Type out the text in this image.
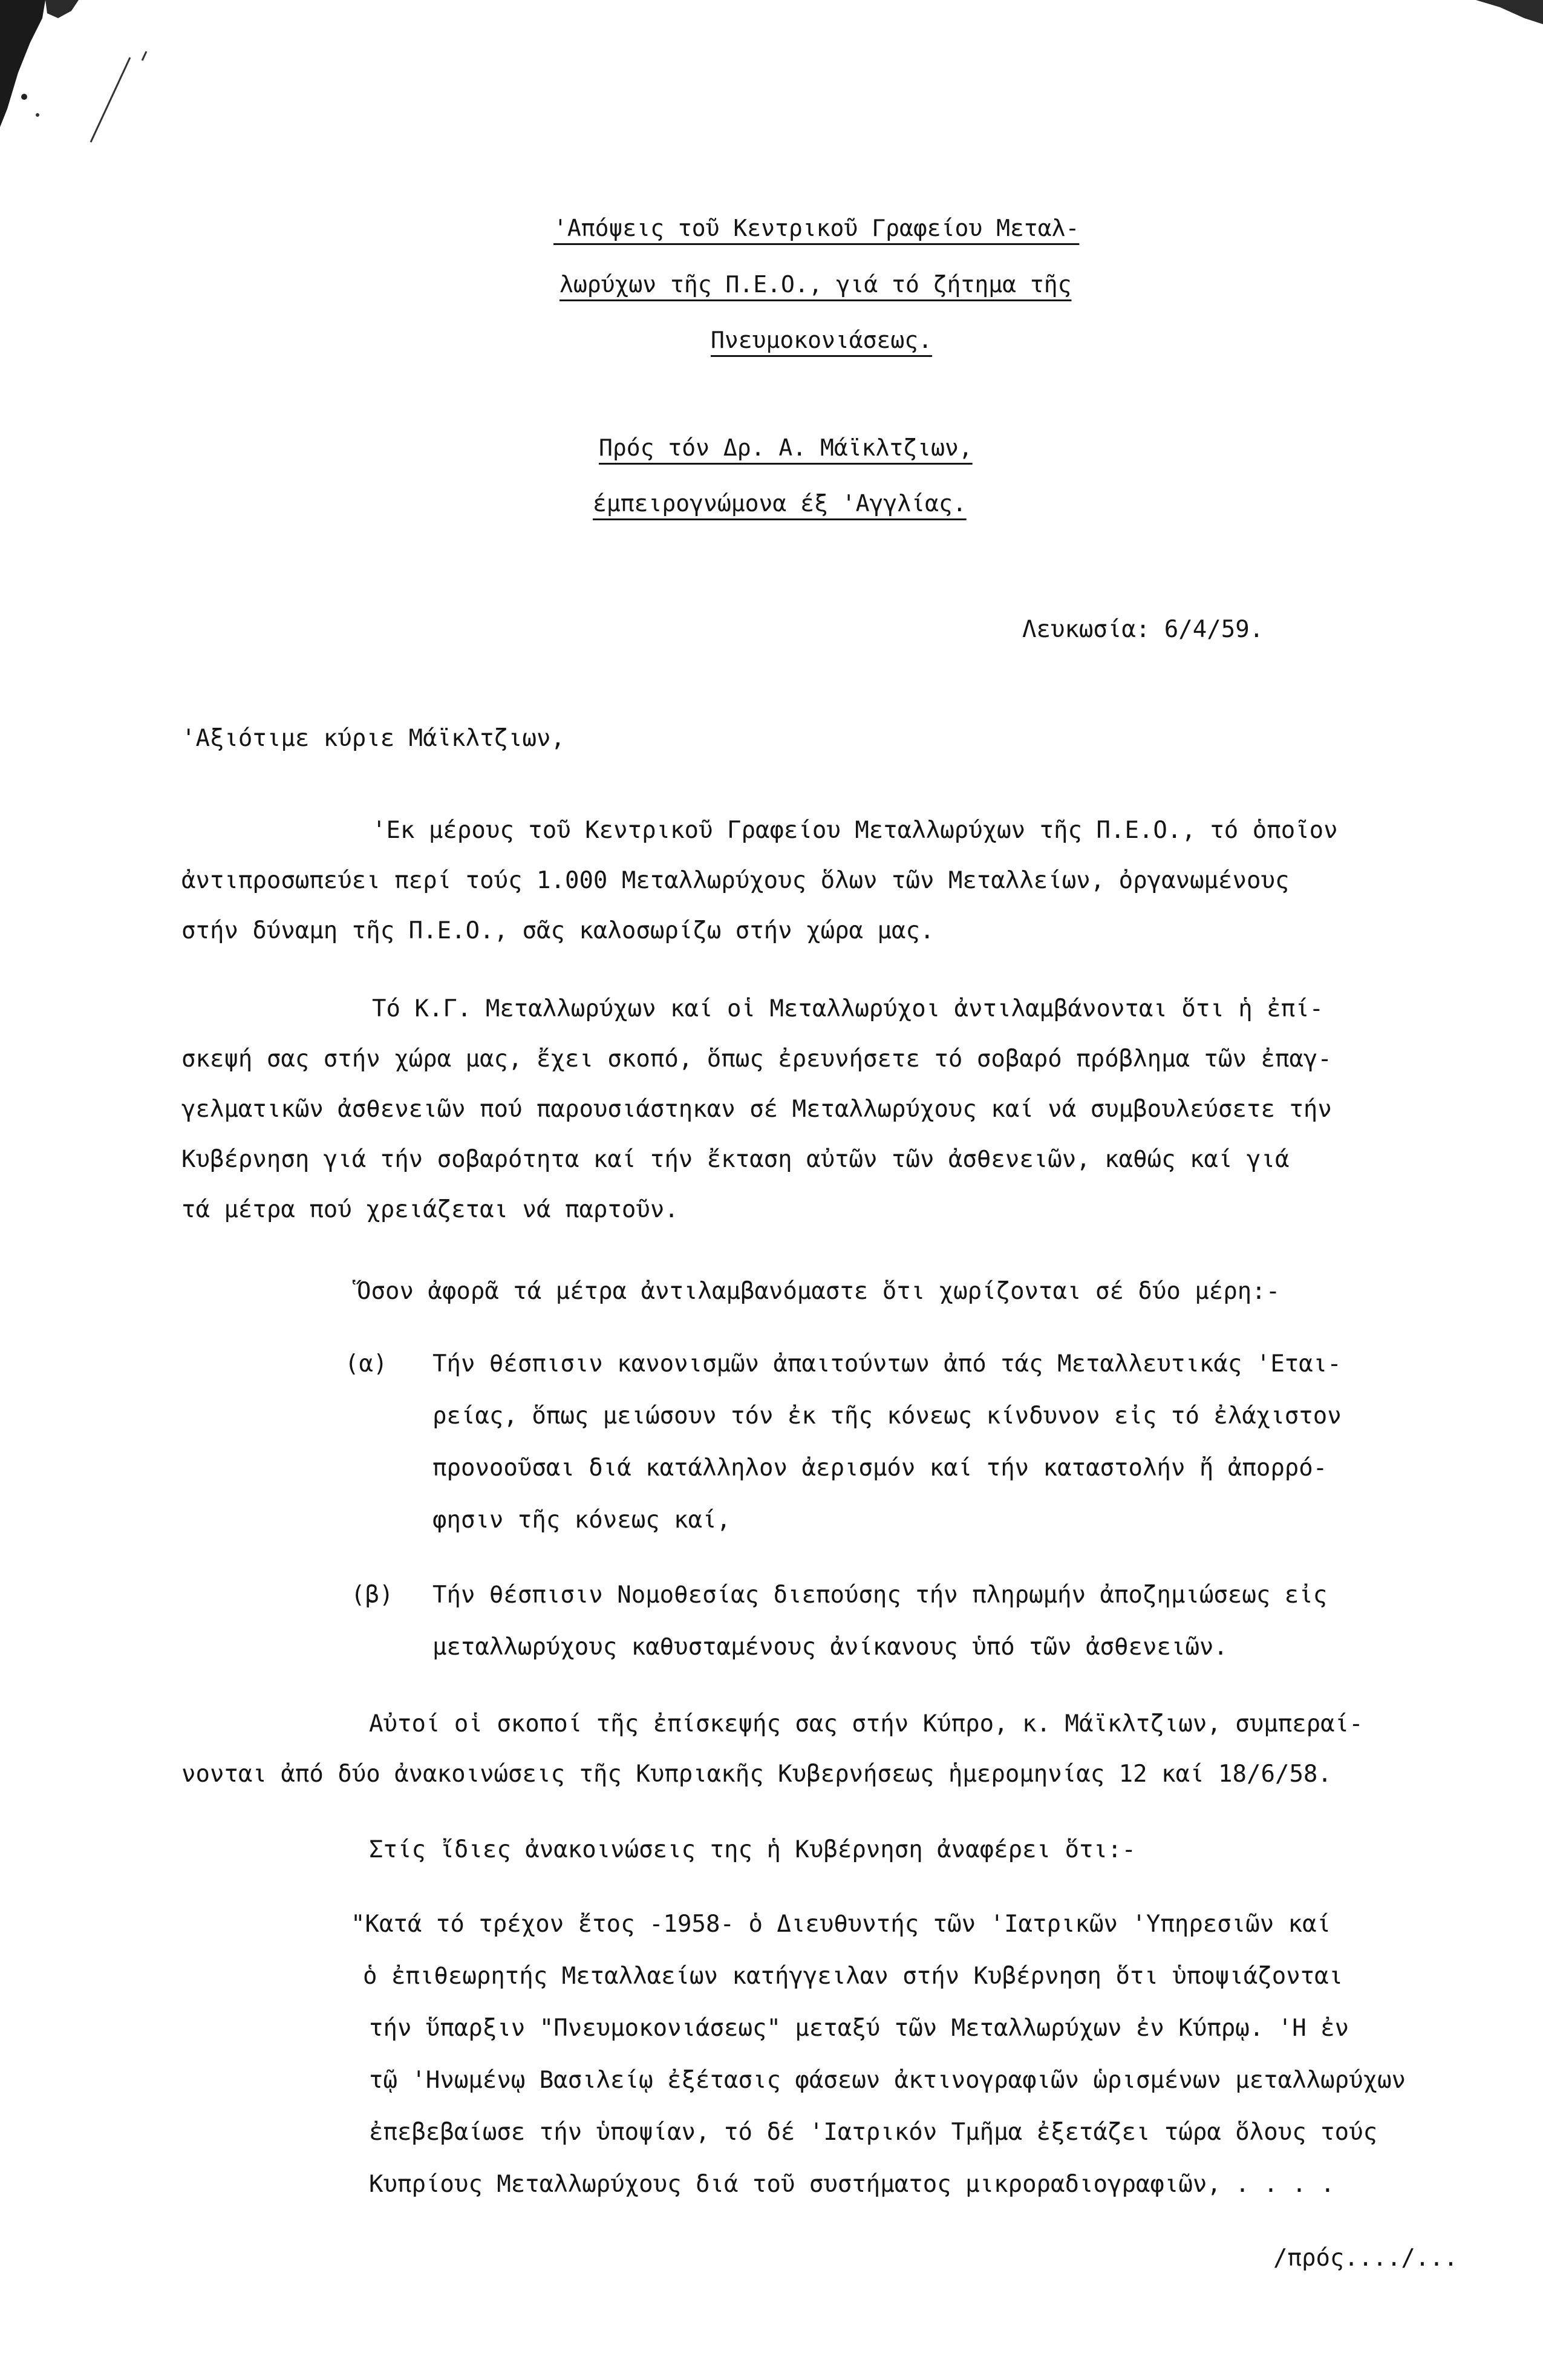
'Απόψεις τοῦ Κεντρικοῦ Γραφείου Μεταλ-
λωρύχων τῆς Π.Ε.Ο., γιά τό ζήτημα τῆς
Πνευμοκονιάσεως.
Πρός τόν Δρ. Α. Μάϊκλτζιων,
έμπειρογνώμονα έξ 'Αγγλίας.
Λευκωσία: 6/4/59.
'Αξιότιμε κύριε Μάϊκλτζιων,
'Εκ μέρους τοῦ Κεντρικοῦ Γραφείου Μεταλλωρύχων τῆς Π.Ε.Ο., τό ὁποῖον
ἀντιπροσωπεύει περί τούς 1.000 Μεταλλωρύχους ὅλων τῶν Μεταλλείων, ὀργανωμένους
στήν δύναμη τῆς Π.Ε.Ο., σᾶς καλοσωρίζω στήν χώρα μας.
Τό Κ.Γ. Μεταλλωρύχων καί οἱ Μεταλλωρύχοι ἀντιλαμβάνονται ὅτι ἡ ἐπί-
σκεψή σας στήν χώρα μας, ἔχει σκοπό, ὅπως ἐρευνήσετε τό σοβαρό πρόβλημα τῶν ἐπαγ-
γελματικῶν ἀσθενειῶν πού παρουσιάστηκαν σέ Μεταλλωρύχους καί νά συμβουλεύσετε τήν
Κυβέρνηση γιά τήν σοβαρότητα καί τήν ἔκταση αὐτῶν τῶν ἀσθενειῶν, καθώς καί γιά
τά μέτρα πού χρειάζεται νά παρτοῦν.
Ὅσον ἀφορᾶ τά μέτρα ἀντιλαμβανόμαστε ὅτι χωρίζονται σέ δύο μέρη:-
(α) Τήν θέσπισιν κανονισμῶν ἀπαιτούντων ἀπό τάς Μεταλλευτικάς 'Εται-
ρείας, ὅπως μειώσουν τόν ἐκ τῆς κόνεως κίνδυνον εἰς τό ἐλάχιστον
προνοοῦσαι διά κατάλληλον ἀερισμόν καί τήν καταστολήν ἤ ἀπορρό-
φησιν τῆς κόνεως καί,
(β) Τήν θέσπισιν Νομοθεσίας διεπούσης τήν πληρωμήν ἀποζημιώσεως εἰς
μεταλλωρύχους καθυσταμένους ἀνίκανους ὑπό τῶν ἀσθενειῶν.
Αὐτοί οἱ σκοποί τῆς ἐπίσκεψής σας στήν Κύπρο, κ. Μάϊκλτζιων, συμπεραί-
νονται ἀπό δύο ἀνακοινώσεις τῆς Κυπριακῆς Κυβερνήσεως ἡμερομηνίας 12 καί 18/6/58.
Στίς ἴδιες ἀνακοινώσεις της ἡ Κυβέρνηση ἀναφέρει ὅτι:-
"Κατά τό τρέχον ἔτος -1958- ὁ Διευθυντής τῶν 'Ιατρικῶν 'Υπηρεσιῶν καί
ὁ ἐπιθεωρητής Μεταλλαείων κατήγγειλαν στήν Κυβέρνηση ὅτι ὑποψιάζονται
τήν ὕπαρξιν "Πνευμοκονιάσεως" μεταξύ τῶν Μεταλλωρύχων ἐν Κύπρῳ. 'Η ἐν
τῷ 'Ηνωμένῳ Βασιλείῳ ἐξέτασις φάσεων ἀκτινογραφιῶν ὡρισμένων μεταλλωρύχων
ἐπεβεβαίωσε τήν ὑποψίαν, τό δέ 'Ιατρικόν Τμῆμα ἐξετάζει τώρα ὅλους τούς
Κυπρίους Μεταλλωρύχους διά τοῦ συστήματος μικροραδιογραφιῶν, . . . .
/πρός..../...
